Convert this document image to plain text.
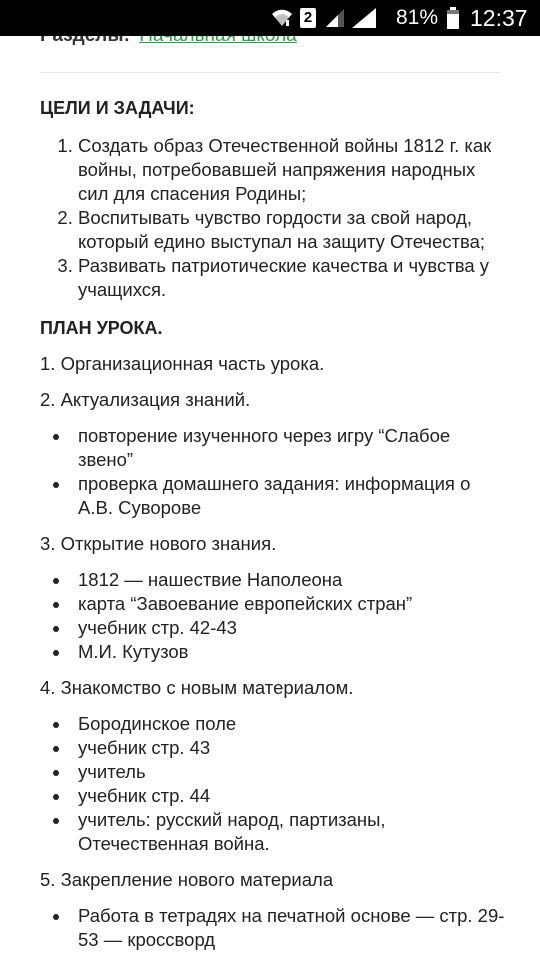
ЦЕЛИ И ЗАДАЧИ:
1. Создать образ Отечественной войны 1812 г. как войны, потребовавшей напряжения народных сил для спасения Родины;
2. Воспитывать чувство гордости за свой народ, который едино выступал на защиту Отечества;
3. Развивать патриотические качества и чувства у учащихся.
ПЛАН УРОКА.

1. Организационная часть урока.

2. Актуализация знаний.

повторение изученного через игру “Слабое звено”
проверка домашнего задания: информация о А.В. Суворове

3. Открытие нового знания.

1812 — нашествие Наполеона
карта “Завоевание европейских стран”
учебник стр. 42-43
М.И. Кутузов

4. Знакомство с новым материалом.

Бородинское поле
учебник стр. 43
учитель
учебник стр. 44
учитель: русский народ, партизаны, Отечественная война.

5. Закрепление нового материала

Работа в тетрадях на печатной основе — стр. 29-53 — кроссворд
2	81% 12:37
